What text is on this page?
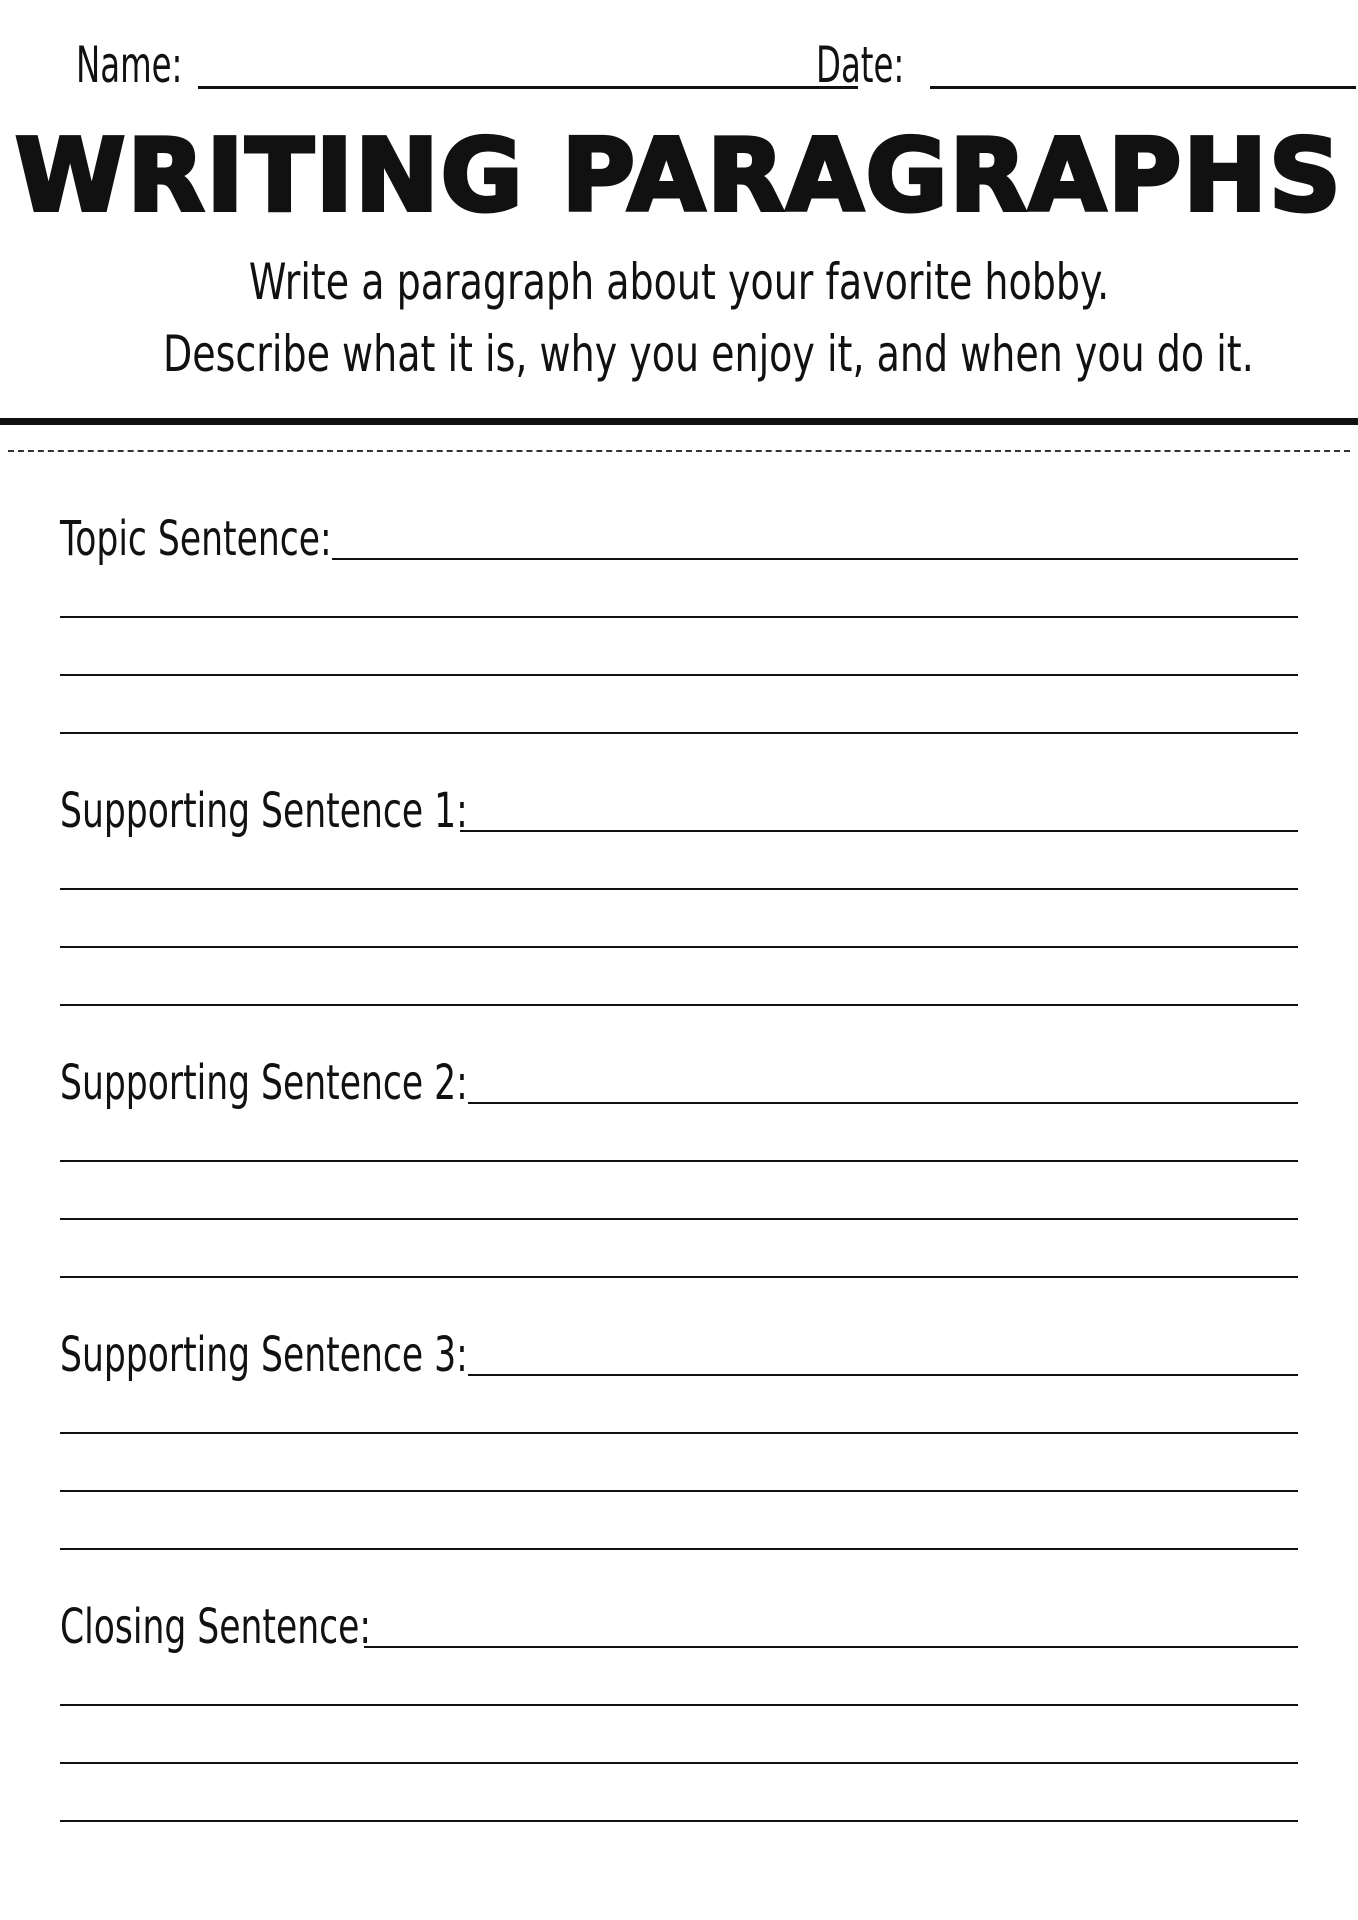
Name:	Date:
WRITING PARAGRAPHS
Write a paragraph about your favorite hobby.
Describe what it is, why you enjoy it, and when you do it.
Topic Sentence:
Supporting Sentence 1:
Supporting Sentence 2:
Supporting Sentence 3:
Closing Sentence:
